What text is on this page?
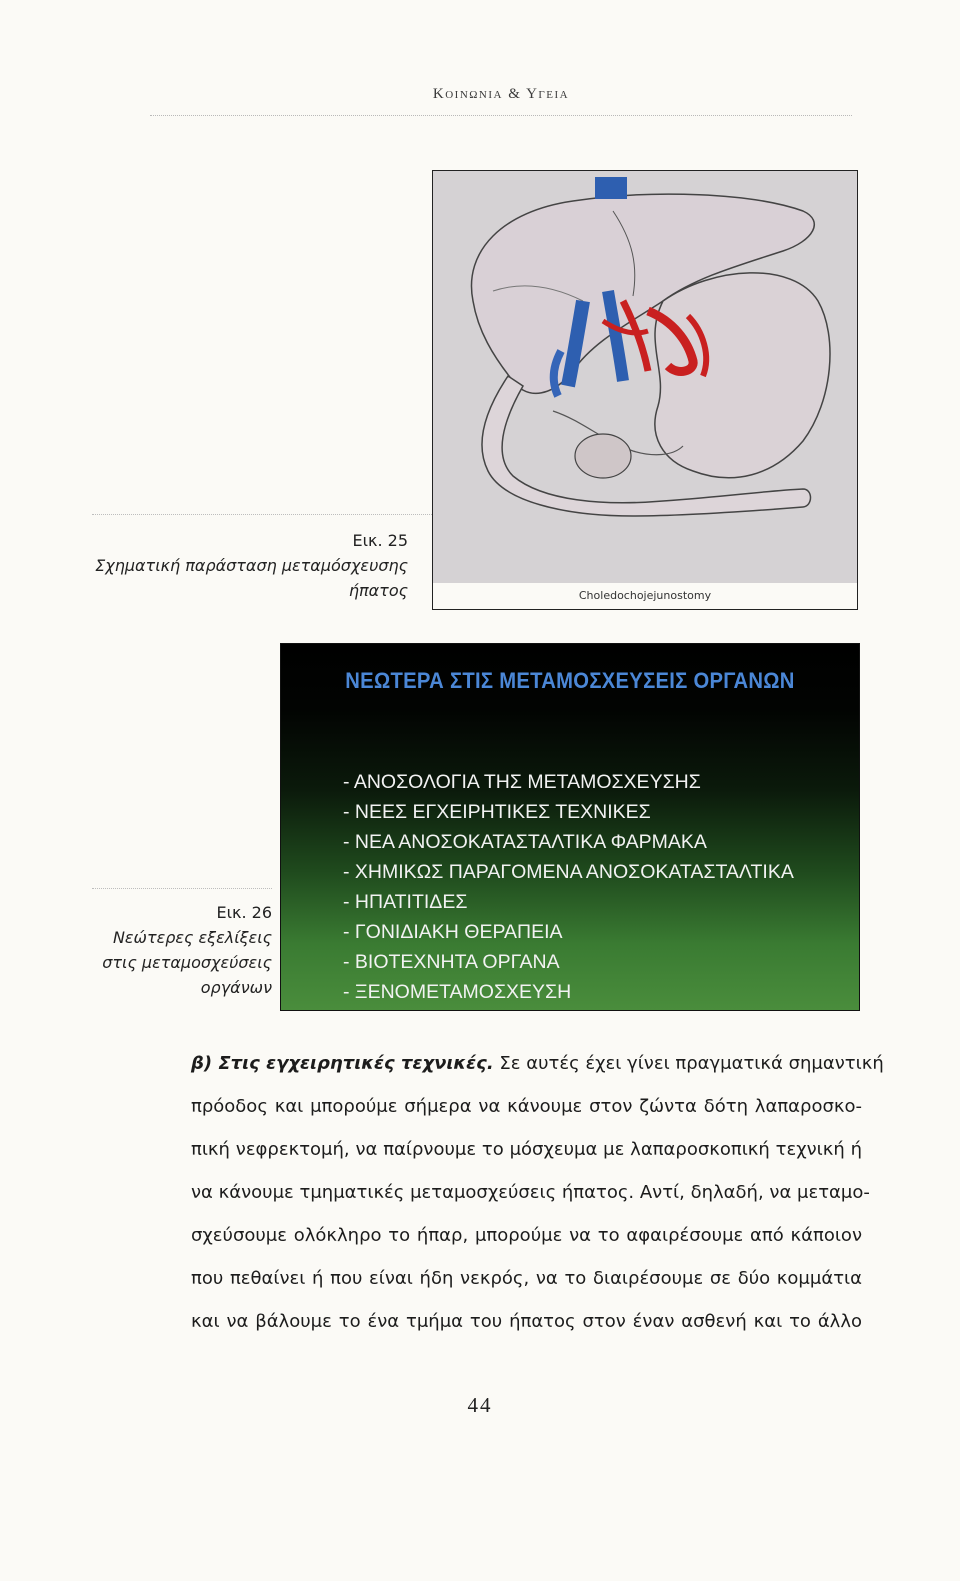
Κοινωνια & Υγεια
Εικ. 25
Σχηματική παράσταση μεταμόσχευσης
ήπατος	Choledochojejunostomy
Εικ. 26
Νεώτερες εξελίξεις
στις μεταμοσχεύσεις
οργάνων
ΝΕΩΤΕΡΑ ΣΤΙΣ ΜΕΤΑΜΟΣΧΕΥΣΕΙΣ ΟΡΓΑΝΩΝ
- ΑΝΟΣΟΛΟΓΙΑ ΤΗΣ ΜΕΤΑΜΟΣΧΕΥΣΗΣ
- ΝΕΕΣ ΕΓΧΕΙΡΗΤΙΚΕΣ ΤΕΧΝΙΚΕΣ
- ΝΕΑ ΑΝΟΣΟΚΑΤΑΣΤΑΛΤΙΚΑ ΦΑΡΜΑΚΑ
- ΧΗΜΙΚΩΣ ΠΑΡΑΓΟΜΕΝΑ ΑΝΟΣΟΚΑΤΑΣΤΑΛΤΙΚΑ
- ΗΠΑΤΙΤΙΔΕΣ
- ΓΟΝΙΔΙΑΚΗ ΘΕΡΑΠΕΙΑ
- ΒΙΟΤΕΧΝΗΤΑ ΟΡΓΑΝΑ
- ΞΕΝΟΜΕΤΑΜΟΣΧΕΥΣΗ
β) Στις εγχειρητικές τεχνικές. Σε αυτές έχει γίνει πραγματικά σημαντική
πρόοδος και μπορούμε σήμερα να κάνουμε στον ζώντα δότη λαπαροσκο-
πική νεφρεκτομή, να παίρνουμε το μόσχευμα με λαπαροσκοπική τεχνική ή
να κάνουμε τμηματικές μεταμοσχεύσεις ήπατος. Αντί, δηλαδή, να μεταμο-
σχεύσουμε ολόκληρο το ήπαρ, μπορούμε να το αφαιρέσουμε από κάποιον
που πεθαίνει ή που είναι ήδη νεκρός, να το διαιρέσουμε σε δύο κομμάτια
και να βάλουμε το ένα τμήμα του ήπατος στον έναν ασθενή και το άλλο
44
